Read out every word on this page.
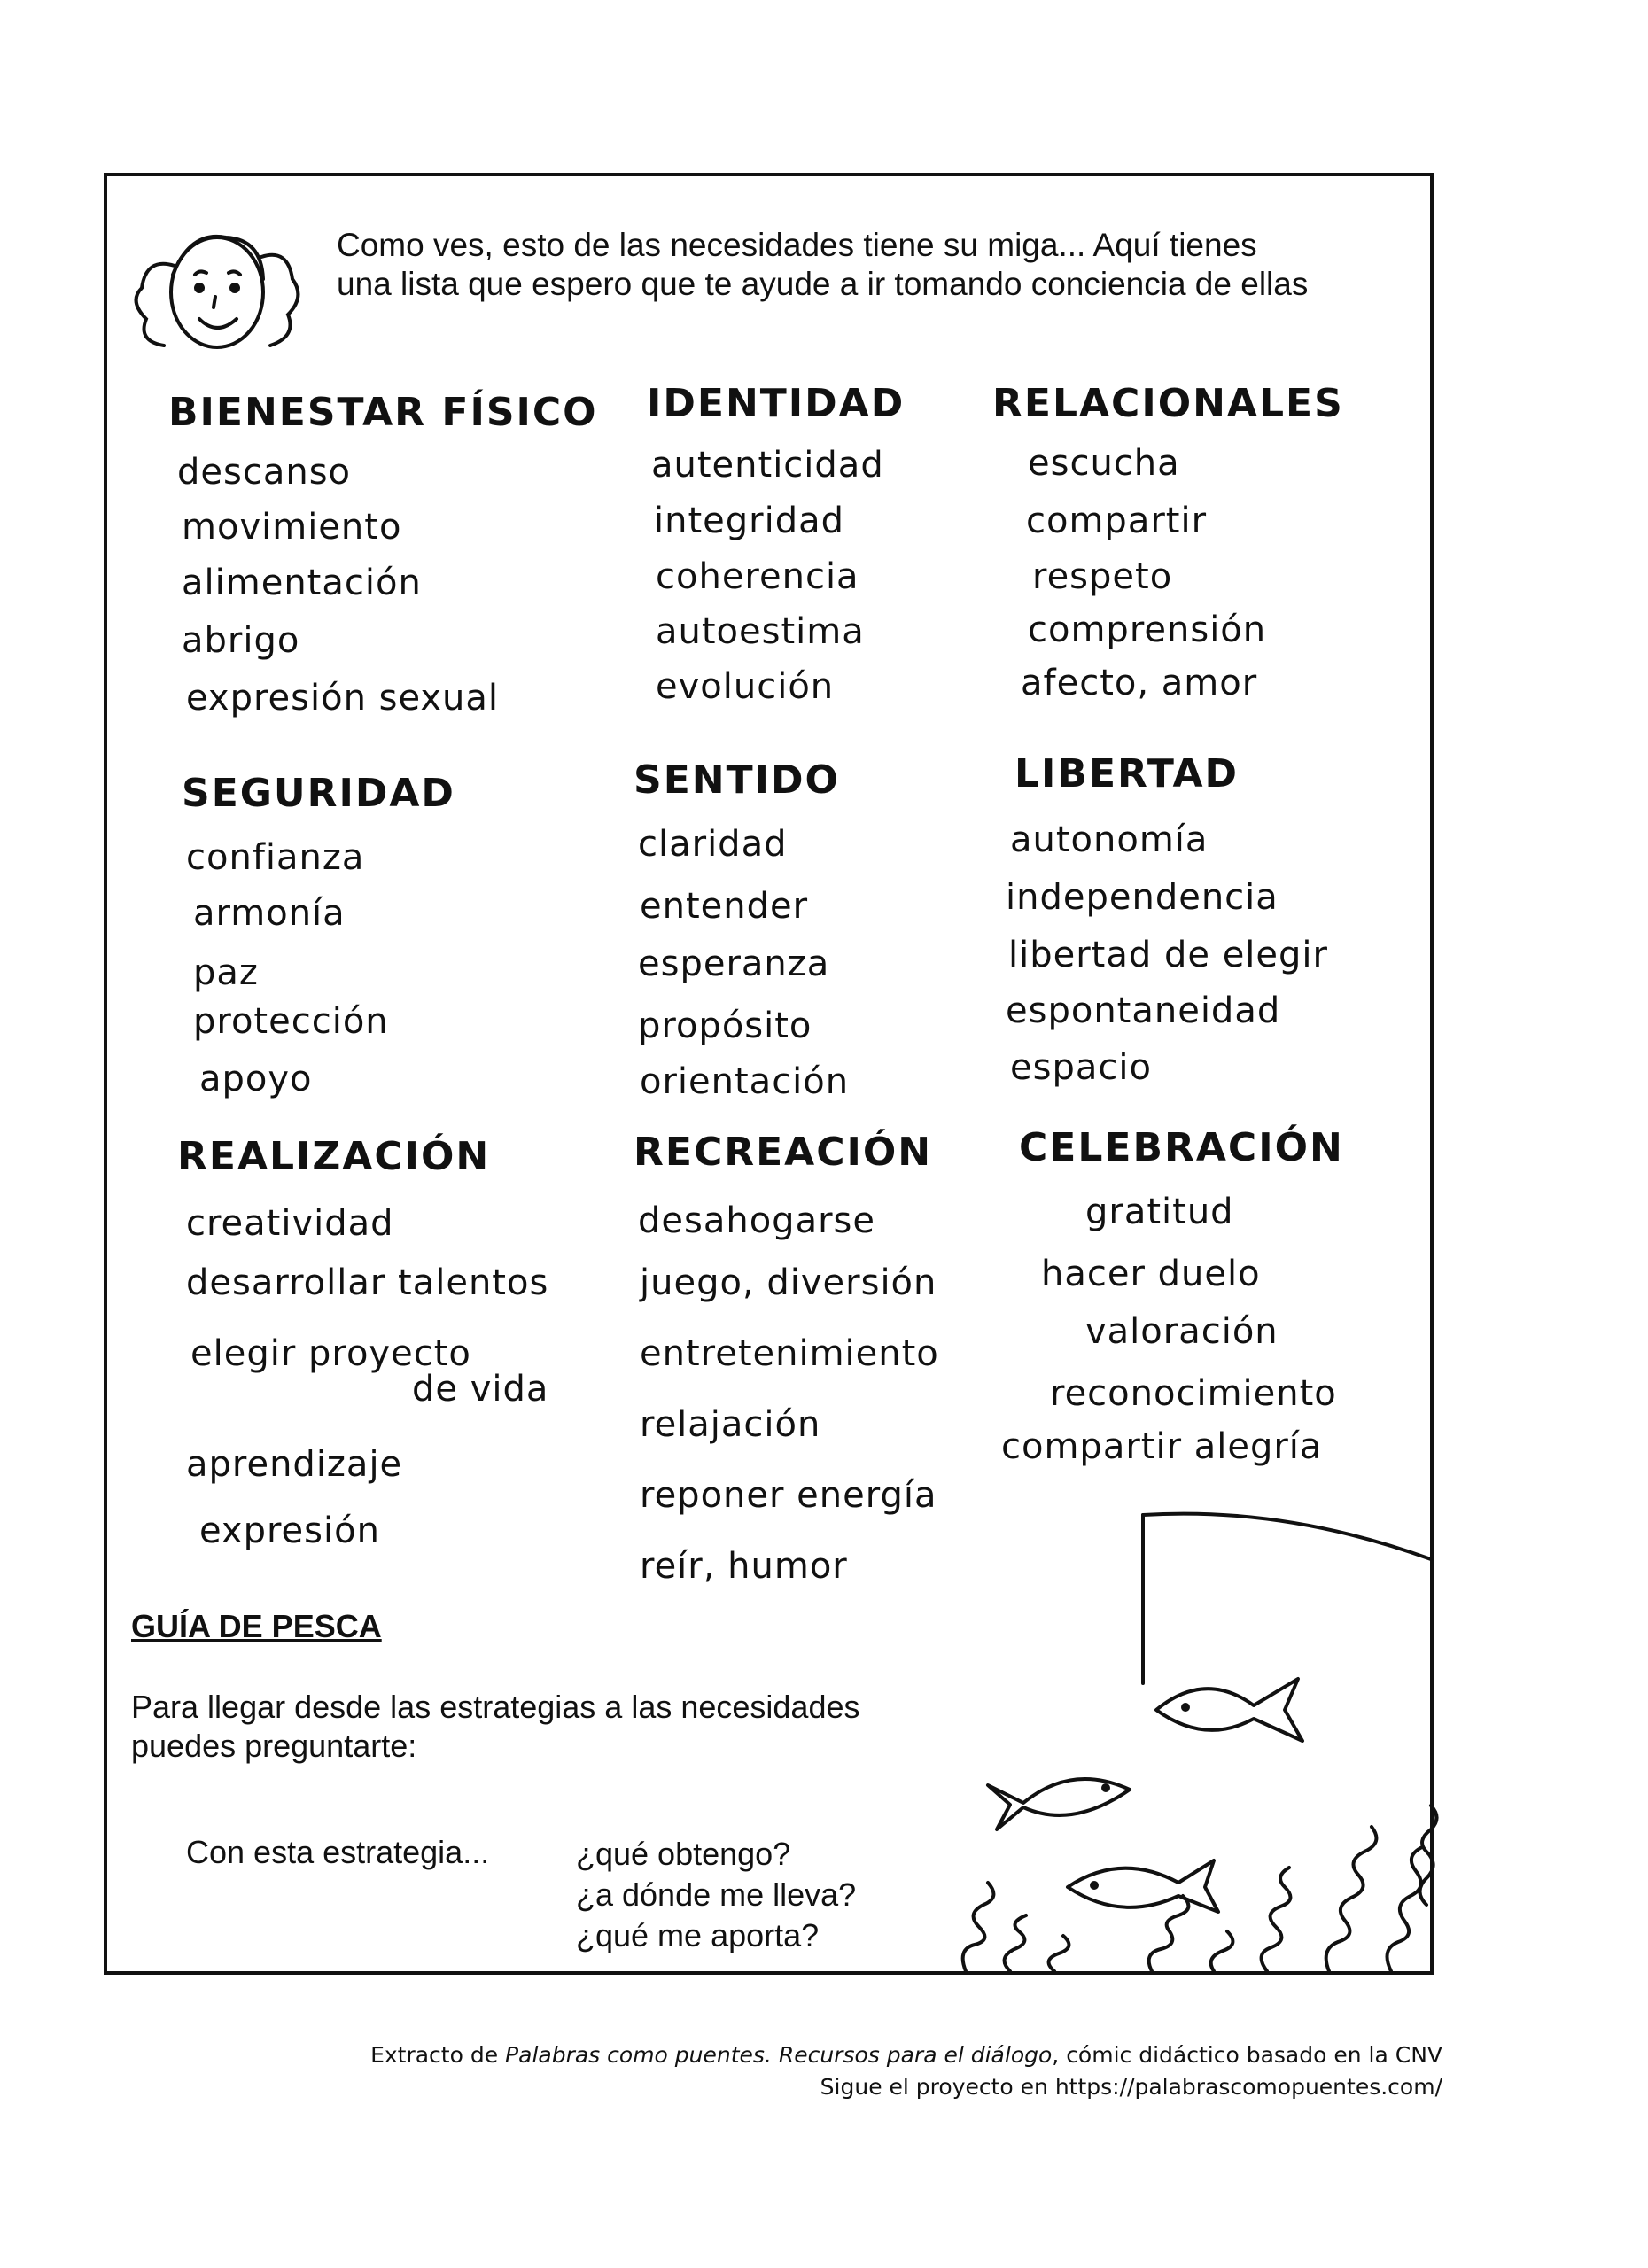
Como ves, esto de las necesidades tiene su miga... Aquí tienes
una lista que espero que te ayude a ir tomando conciencia de ellas
BIENESTAR FÍSICO
descanso
movimiento
alimentación
abrigo
expresión sexual
SEGURIDAD
confianza
armonía
paz
protección
apoyo
REALIZACIÓN
creatividad
desarrollar talentos
elegir proyecto
de vida
aprendizaje
expresión
IDENTIDAD
autenticidad
integridad
coherencia
autoestima
evolución
SENTIDO
claridad
entender
esperanza
propósito
orientación
RECREACIÓN
desahogarse
juego, diversión
entretenimiento
relajación
reponer energía
reír, humor
RELACIONALES
escucha
compartir
respeto
comprensión
afecto, amor
LIBERTAD
autonomía
independencia
libertad de elegir
espontaneidad
espacio
CELEBRACIÓN
gratitud
hacer duelo
valoración
reconocimiento
compartir alegría
GUÍA DE PESCA
Para llegar desde las estrategias a las necesidades
puedes preguntarte:
Con esta estrategia...	¿qué obtengo?
¿a dónde me lleva?
¿qué me aporta?
Extracto de Palabras como puentes. Recursos para el diálogo, cómic didáctico basado en la CNV
Sigue el proyecto en https://palabrascomopuentes.com/
